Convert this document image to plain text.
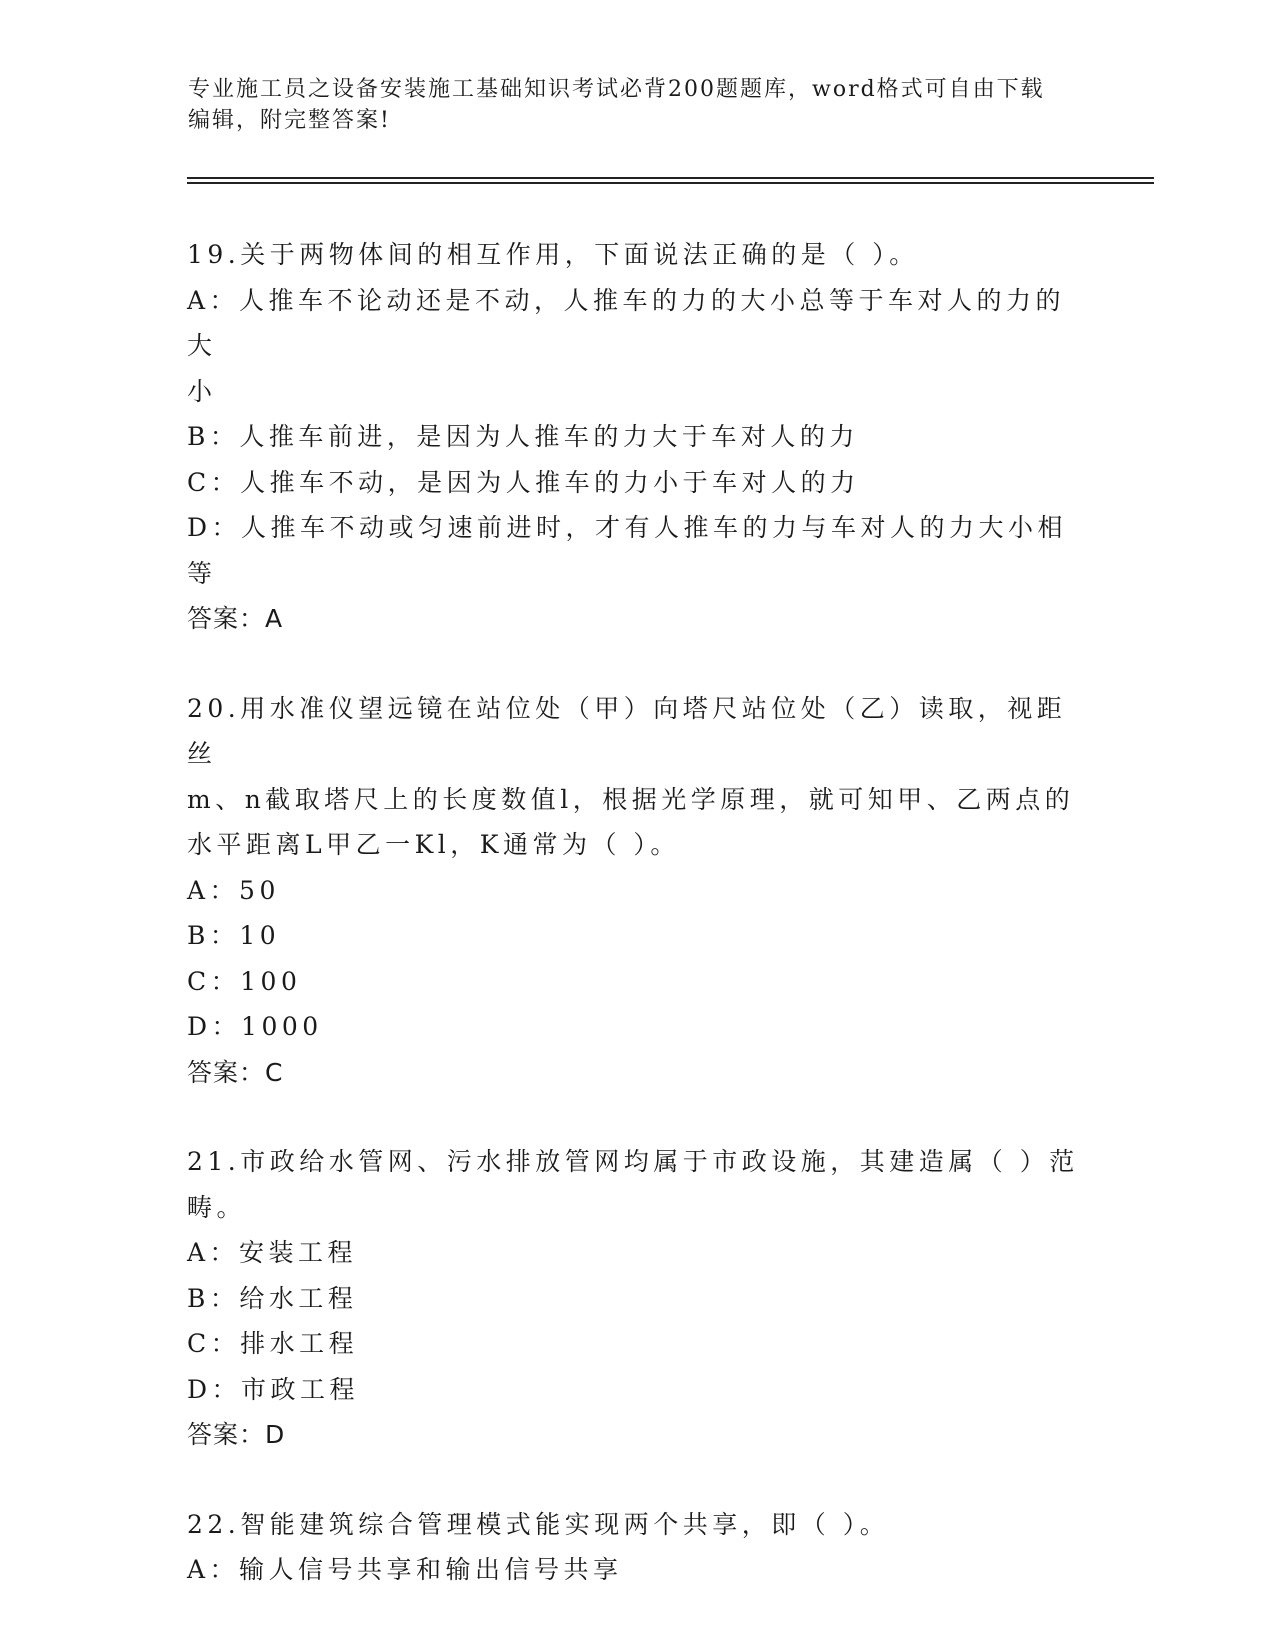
专业施工员之设备安装施工基础知识考试必背200题题库，word格式可自由下载编辑，附完整答案!
19.关于两物体间的相互作用，下面说法正确的是（ ）。
A：人推车不论动还是不动，人推车的力的大小总等于车对人的力的大
小
B：人推车前进，是因为人推车的力大于车对人的力
C：人推车不动，是因为人推车的力小于车对人的力
D：人推车不动或匀速前进时，才有人推车的力与车对人的力大小相等
答案：A
20.用水准仪望远镜在站位处（甲）向塔尺站位处（乙）读取，视距丝
m、n截取塔尺上的长度数值l，根据光学原理，就可知甲、乙两点的
水平距离L甲乙一Kl，K通常为（ ）。
A：50
B：10
C：100
D：1000
答案：C
21.市政给水管网、污水排放管网均属于市政设施，其建造属（ ）范
畴。
A：安装工程
B：给水工程
C：排水工程
D：市政工程
答案：D
22.智能建筑综合管理模式能实现两个共享，即（ ）。
A：输人信号共享和输出信号共享
